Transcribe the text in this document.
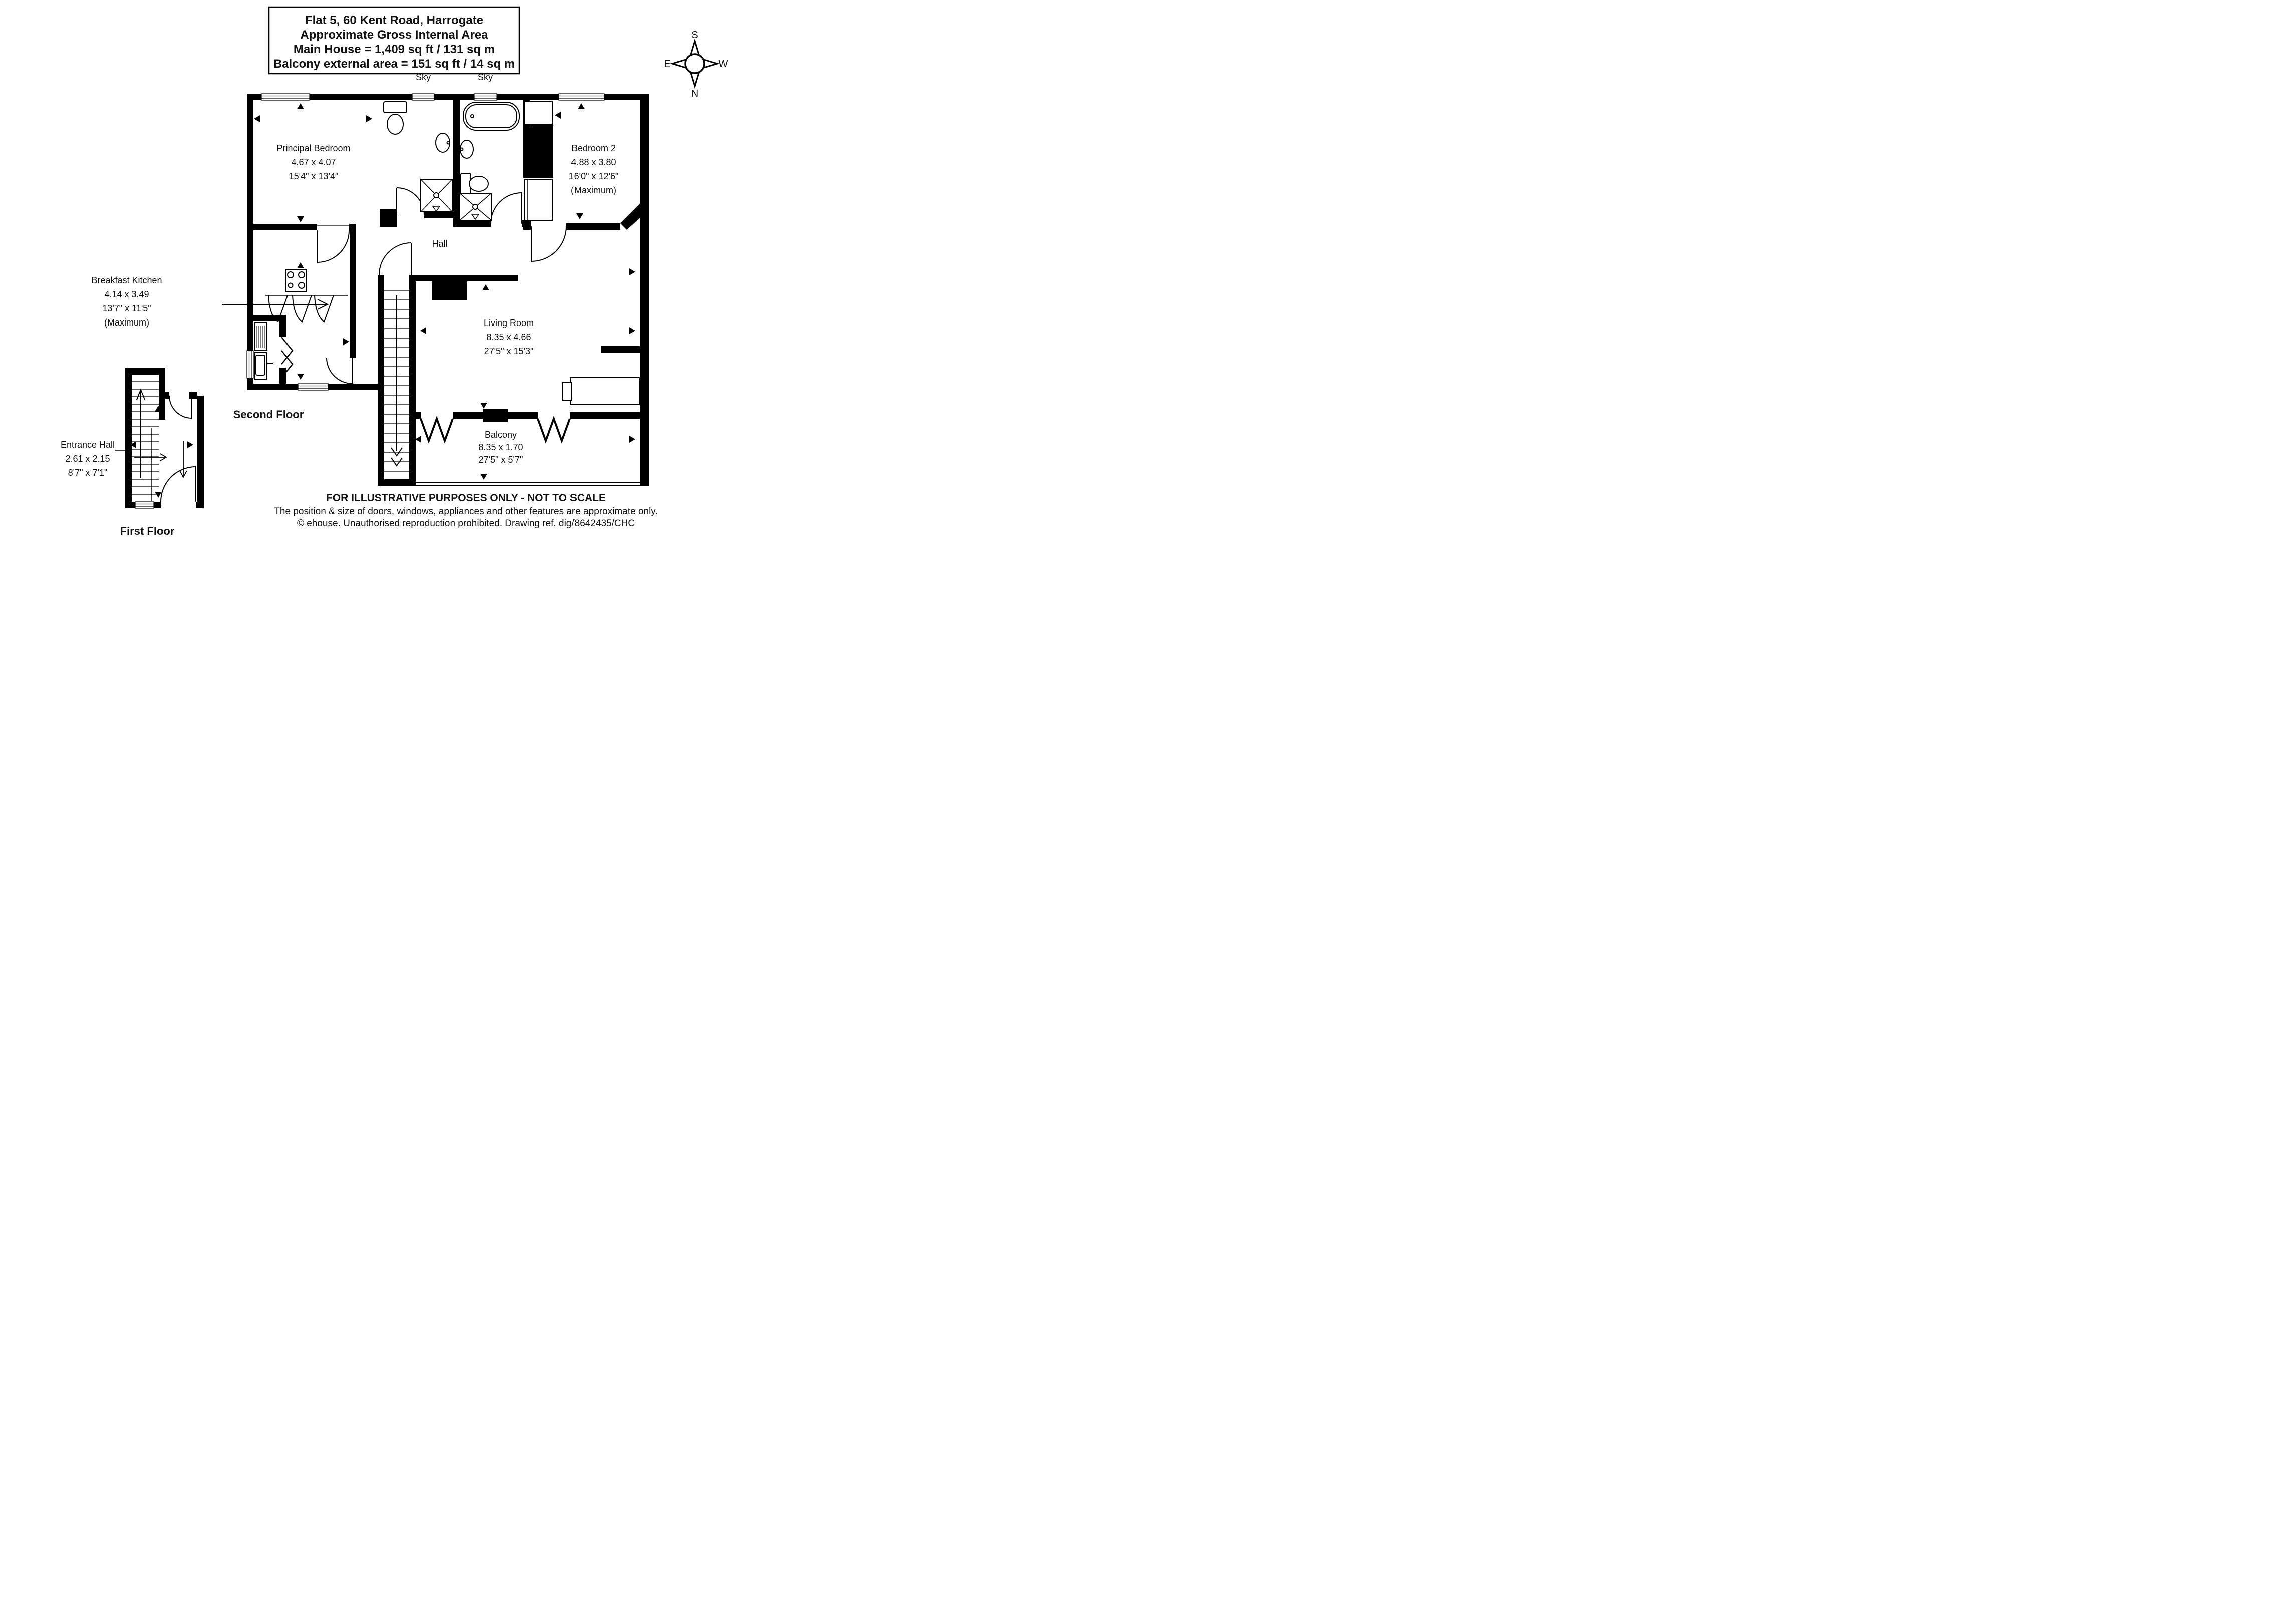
Flat 5, 60 Kent Road, Harrogate
Approximate Gross Internal Area
Main House = 1,409 sq ft / 131 sq m
Balcony external area = 151 sq ft / 14 sq m
S
N
E	W
Sky	Sky
Principal Bedroom
4.67 x 4.07
15'4" x 13'4"
Bedroom 2
4.88 x 3.80
16'0" x 12'6"
(Maximum)
Hall
Breakfast Kitchen
4.14 x 3.49
13'7" x 11'5"
(Maximum)	Living Room
8.35 x 4.66
27'5" x 15'3"
Balcony
8.35 x 1.70
27'5" x 5'7"
Second Floor
Entrance Hall
2.61 x 2.15
8'7" x 7'1"
First Floor
FOR ILLUSTRATIVE PURPOSES ONLY - NOT TO SCALE
The position & size of doors, windows, appliances and other features are approximate only.
© ehouse. Unauthorised reproduction prohibited. Drawing ref. dig/8642435/CHC
